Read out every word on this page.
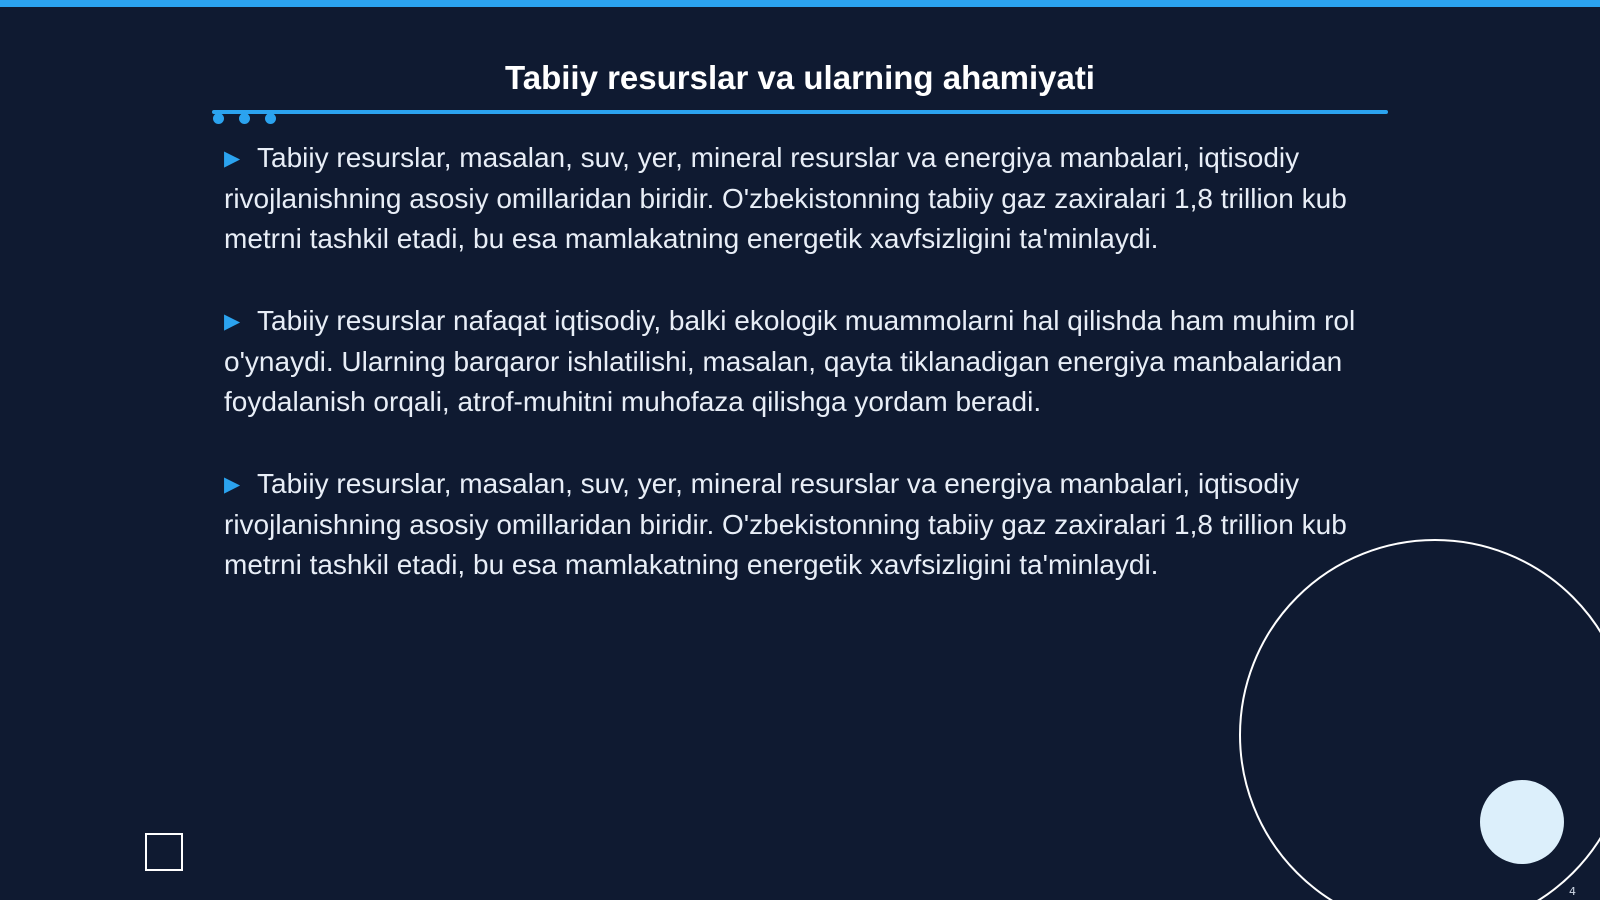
Tabiiy resurslar va ularning ahamiyati

▶ Tabiiy resurslar, masalan, suv, yer, mineral resurslar va energiya manbalari, iqtisodiy rivojlanishning asosiy omillaridan biridir. O'zbekistonning tabiiy gaz zaxiralari 1,8 trillion kub metrni tashkil etadi, bu esa mamlakatning energetik xavfsizligini ta'minlaydi.

▶ Tabiiy resurslar nafaqat iqtisodiy, balki ekologik muammolarni hal qilishda ham muhim rol o'ynaydi. Ularning barqaror ishlatilishi, masalan, qayta tiklanadigan energiya manbalaridan foydalanish orqali, atrof-muhitni muhofaza qilishga yordam beradi.

▶ Tabiiy resurslar, masalan, suv, yer, mineral resurslar va energiya manbalari, iqtisodiy rivojlanishning asosiy omillaridan biridir. O'zbekistonning tabiiy gaz zaxiralari 1,8 trillion kub metrni tashkil etadi, bu esa mamlakatning energetik xavfsizligini ta'minlaydi.

4
